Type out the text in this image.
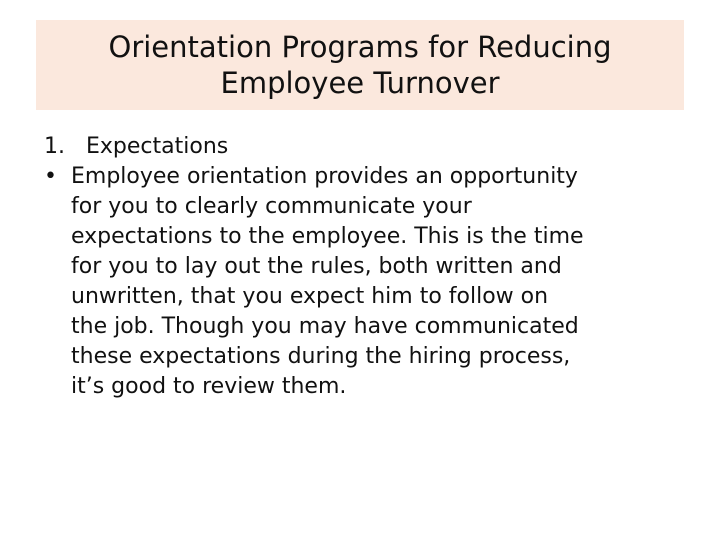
Orientation Programs for Reducing
Employee Turnover
1. Expectations
• Employee orientation provides an opportunity
for you to clearly communicate your
expectations to the employee. This is the time
for you to lay out the rules, both written and
unwritten, that you expect him to follow on
the job. Though you may have communicated
these expectations during the hiring process,
it’s good to review them.
